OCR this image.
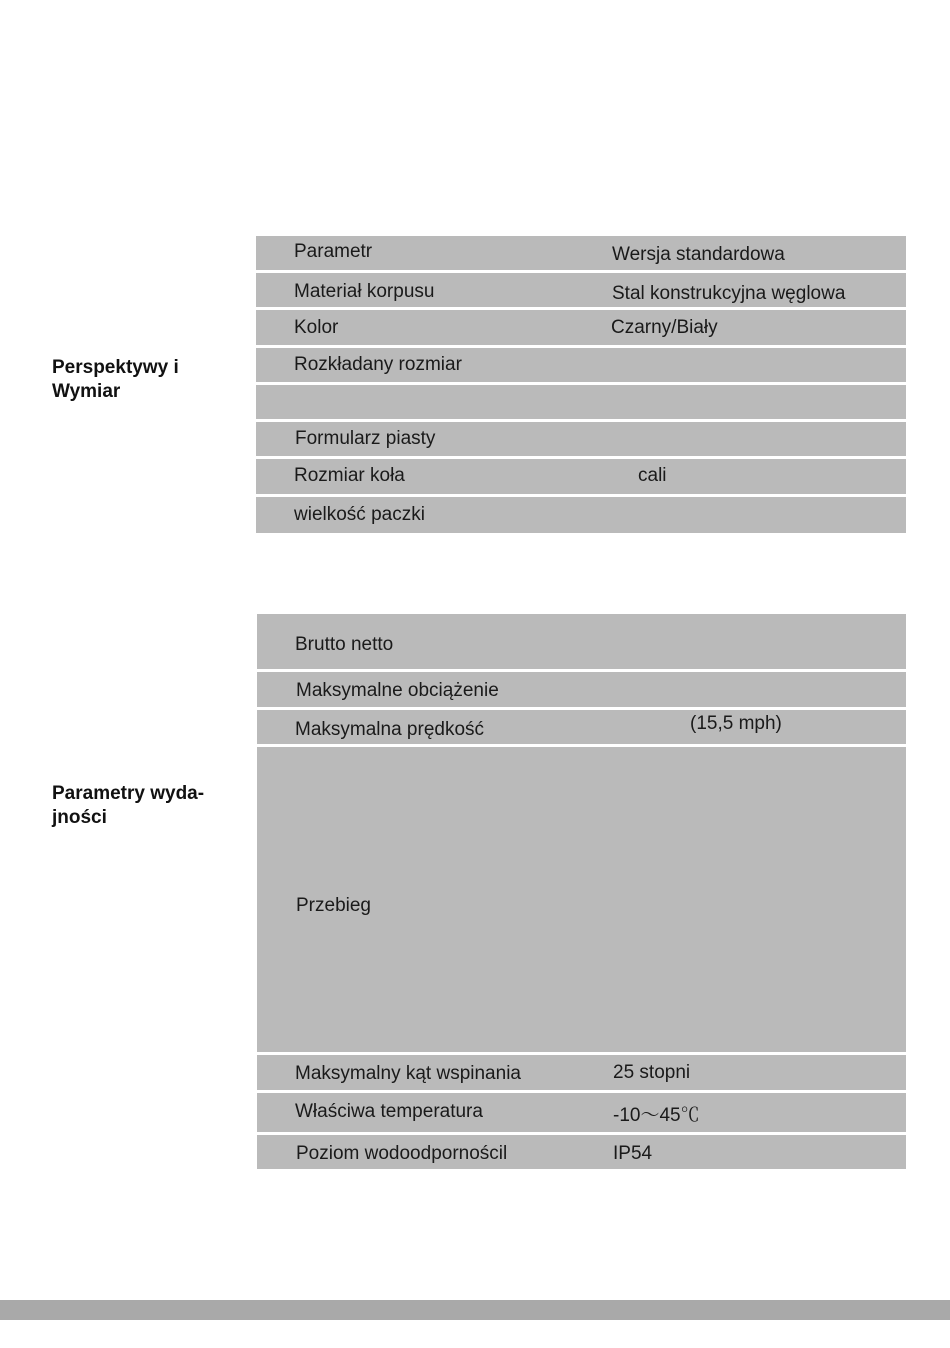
Perspektywy i
Wymiar
Parametr	Wersja standardowa
Materiał korpusu	Stal konstrukcyjna węglowa
Kolor	Czarny/Biały
Rozkładany rozmiar
Formularz piasty
Rozmiar koła	cali
wielkość paczki
Parametry wyda-
jności
Brutto netto
Maksymalne obciążenie
Maksymalna prędkość	(15,5 mph)
Przebieg
Maksymalny kąt wspinania	25 stopni
Właściwa temperatura	-10～45℃
Poziom wodoodpornościl	IP54
